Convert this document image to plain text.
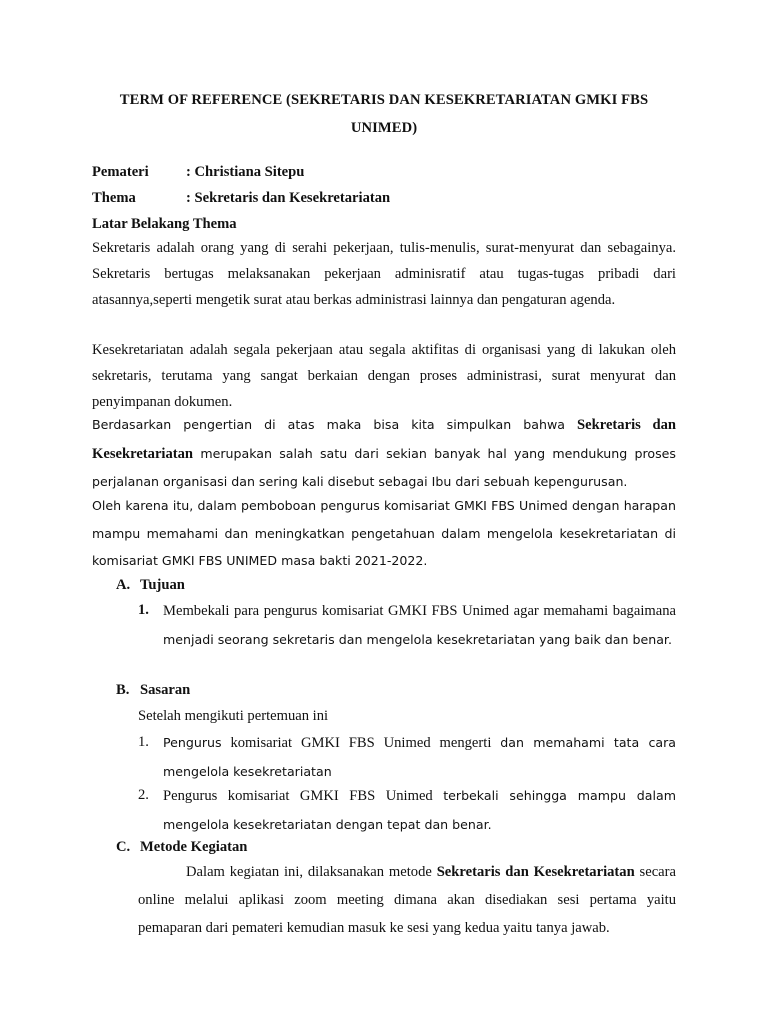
TERM OF REFERENCE (SEKRETARIS DAN KESEKRETARIATAN GMKI FBS UNIMED)
Pemateri	: Christiana Sitepu
Thema	: Sekretaris dan Kesekretariatan
Latar Belakang Thema
Sekretaris adalah orang yang di serahi pekerjaan, tulis-menulis, surat-menyurat dan sebagainya. Sekretaris bertugas melaksanakan pekerjaan adminisratif atau tugas-tugas pribadi dari atasannya,seperti mengetik surat atau berkas administrasi lainnya dan pengaturan agenda.
Kesekretariatan adalah segala pekerjaan atau segala aktifitas di organisasi yang di lakukan oleh sekretaris, terutama yang sangat berkaian dengan proses administrasi, surat menyurat dan penyimpanan dokumen.
Berdasarkan pengertian di atas maka bisa kita simpulkan bahwa Sekretaris dan Kesekretariatan merupakan salah satu dari sekian banyak hal yang mendukung proses perjalanan organisasi dan sering kali disebut sebagai Ibu dari sebuah kepengurusan.
Oleh karena itu, dalam pemboboan pengurus komisariat GMKI FBS Unimed dengan harapan mampu memahami dan meningkatkan pengetahuan dalam mengelola kesekretariatan di komisariat GMKI FBS UNIMED masa bakti 2021-2022.
A. Tujuan
1. Membekali para pengurus komisariat GMKI FBS Unimed agar memahami bagaimana menjadi seorang sekretaris dan mengelola kesekretariatan yang baik dan benar.
B. Sasaran
Setelah mengikuti pertemuan ini
1. Pengurus komisariat GMKI FBS Unimed mengerti dan memahami tata cara mengelola kesekretariatan
2. Pengurus komisariat GMKI FBS Unimed terbekali sehingga mampu dalam mengelola kesekretariatan dengan tepat dan benar.
C. Metode Kegiatan
Dalam kegiatan ini, dilaksanakan metode Sekretaris dan Kesekretariatan secara online melalui aplikasi zoom meeting dimana akan disediakan sesi pertama yaitu pemaparan dari pemateri kemudian masuk ke sesi yang kedua yaitu tanya jawab.
